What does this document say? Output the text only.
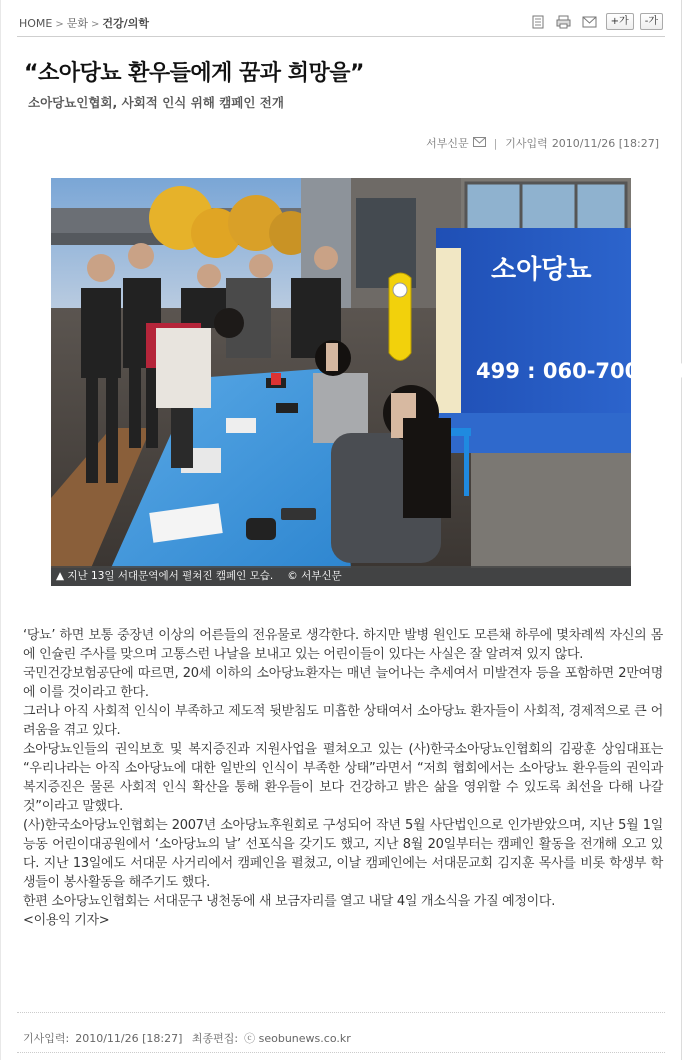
HOME > 문화 > 건강/의학	+가	-가
“소아당뇨 환우들에게 꿈과 희망을”
소아당뇨인협회, 사회적 인식 위해 캠페인 전개
서부신문 | 기사입력 2010/11/26 [18:27]
소아당뇨
499 : 060-700-036
▲ 지난 13일 서대문역에서 펼쳐진 캠페인 모습. © 서부신문

‘당뇨’ 하면 보통 중장년 이상의 어른들의 전유물로 생각한다. 하지만 발병 원인도 모른채 하루에 몇차례씩 자신의 몸에 인슐린 주사를 맞으며 고통스런 나날을 보내고 있는 어린이들이 있다는 사실은 잘 알려져 있지 않다.

국민건강보험공단에 따르면, 20세 이하의 소아당뇨환자는 매년 늘어나는 추세여서 미발견자 등을 포함하면 2만여명에 이를 것이라고 한다.

그러나 아직 사회적 인식이 부족하고 제도적 뒷받침도 미흡한 상태여서 소아당뇨 환자들이 사회적, 경제적으로 큰 어려움을 겪고 있다.

소아당뇨인들의 권익보호 및 복지증진과 지원사업을 펼쳐오고 있는 (사)한국소아당뇨인협회의 김광훈 상임대표는 “우리나라는 아직 소아당뇨에 대한 일반의 인식이 부족한 상태”라면서 “저희 협회에서는 소아당뇨 환우들의 권익과 복지증진은 물론 사회적 인식 확산을 통해 환우들이 보다 건강하고 밝은 삶을 영위할 수 있도록 최선을 다해 나갈 것”이라고 말했다.

(사)한국소아당뇨인협회는 2007년 소아당뇨후원회로 구성되어 작년 5월 사단법인으로 인가받았으며, 지난 5월 1일 능동 어린이대공원에서 ‘소아당뇨의 날’ 선포식을 갖기도 했고, 지난 8월 20일부터는 캠페인 활동을 전개해 오고 있다. 지난 13일에도 서대문 사거리에서 캠페인을 펼쳤고, 이날 캠페인에는 서대문교회 김지훈 목사를 비롯 학생부 학생들이 봉사활동을 해주기도 했다.

한편 소아당뇨인협회는 서대문구 냉천동에 새 보금자리를 열고 내달 4일 개소식을 가질 예정이다.

<이용익 기자>

기사입력: 2010/11/26 [18:27] 최종편집: ⓒ seobunews.co.kr
